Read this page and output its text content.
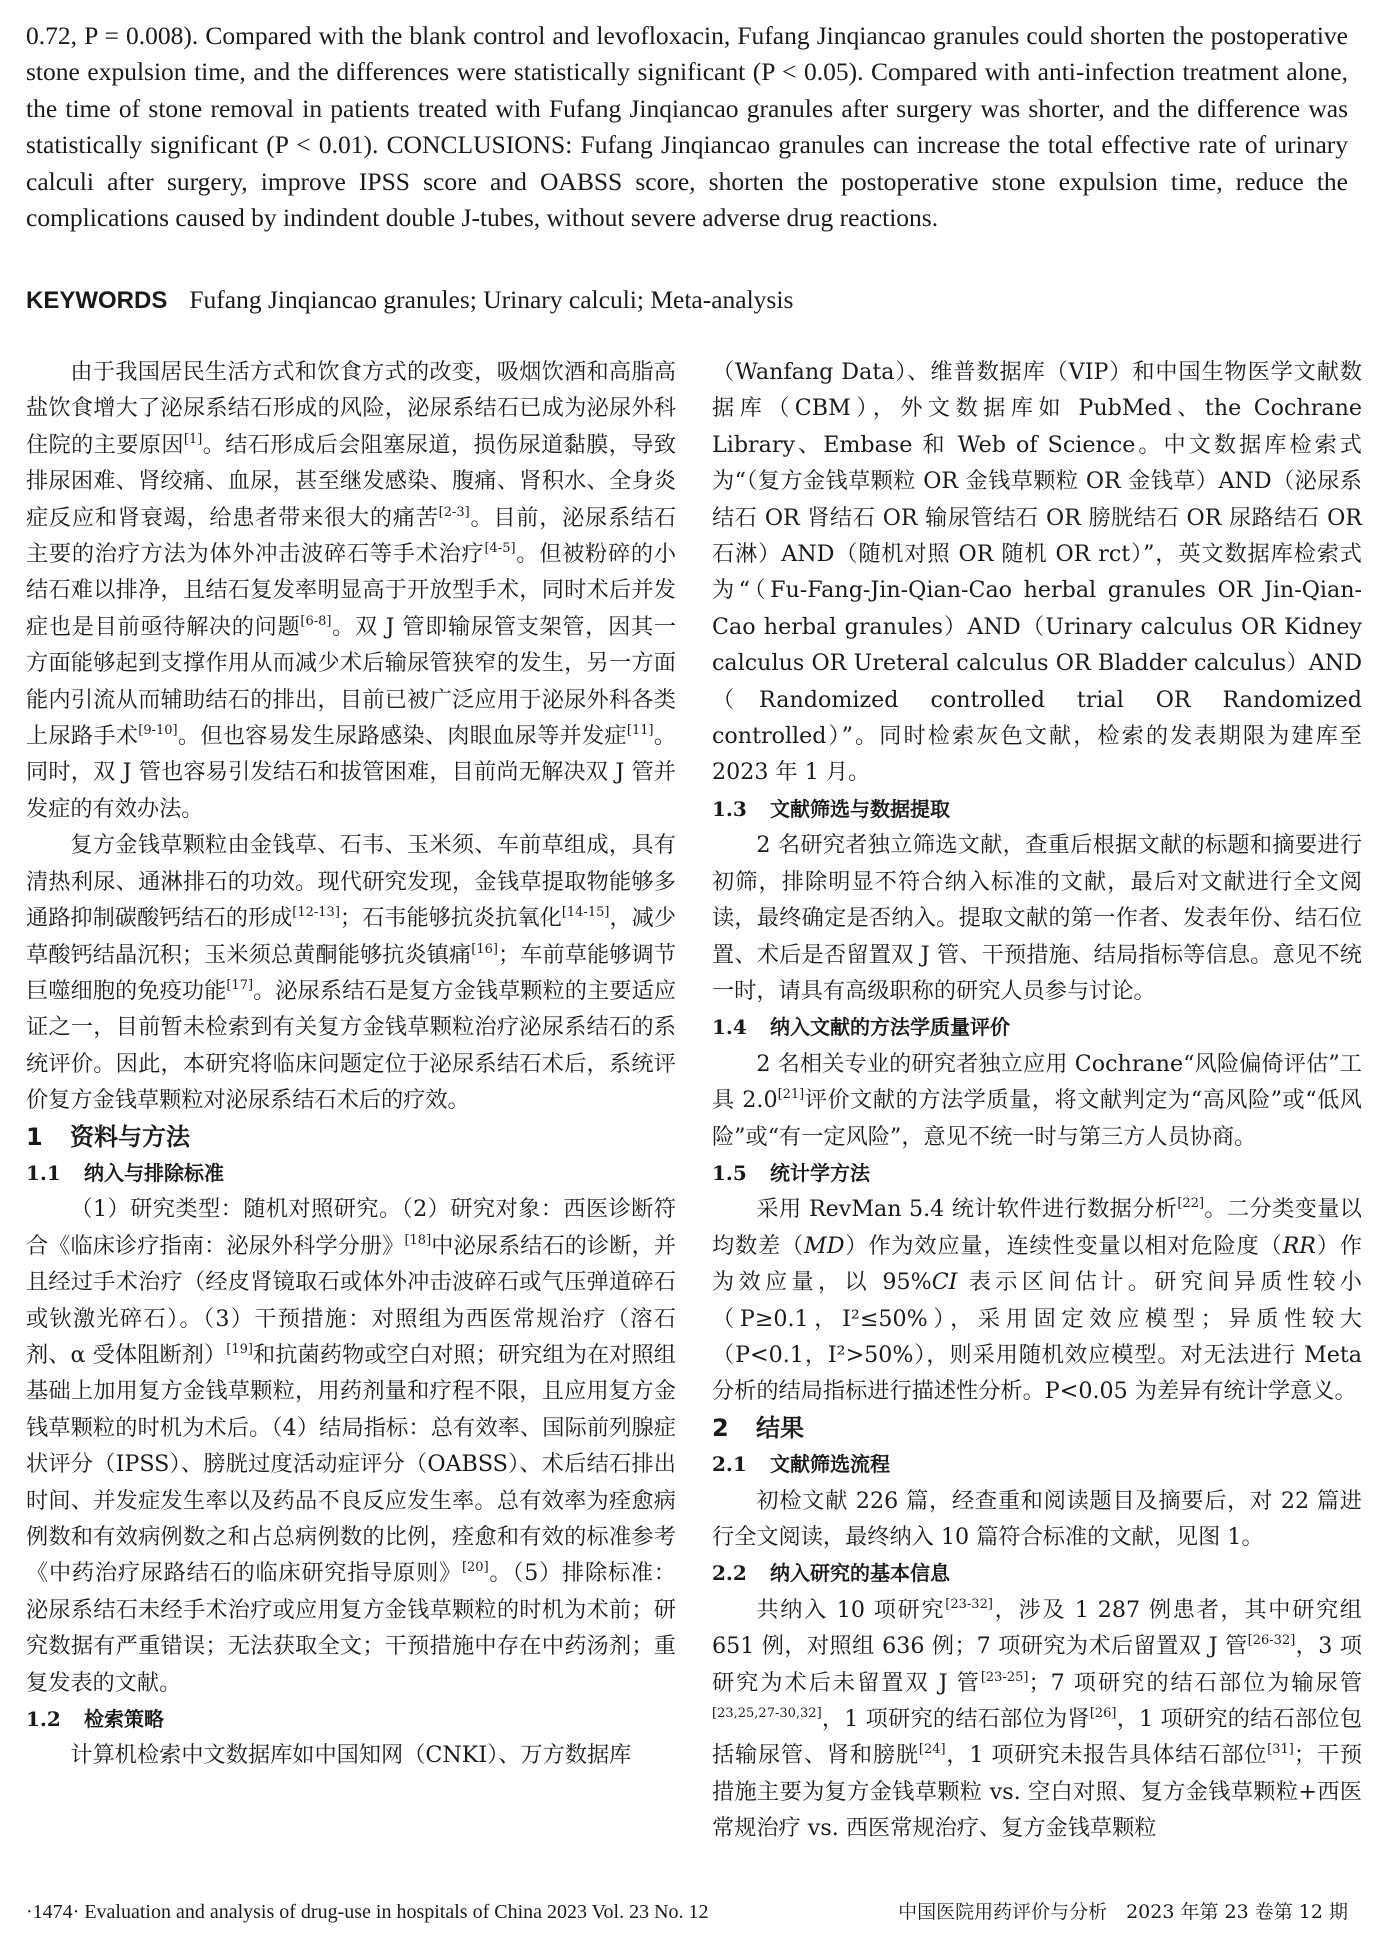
0.72, P = 0.008). Compared with the blank control and levofloxacin, Fufang Jinqiancao granules could shorten the postoperative stone expulsion time, and the differences were statistically significant (P < 0.05). Compared with anti-infection treatment alone, the time of stone removal in patients treated with Fufang Jinqiancao granules after surgery was shorter, and the difference was statistically significant (P < 0.01). CONCLUSIONS: Fufang Jinqiancao granules can increase the total effective rate of urinary calculi after surgery, improve IPSS score and OABSS score, shorten the postoperative stone expulsion time, reduce the complications caused by indindent double J-tubes, without severe adverse drug reactions.

KEYWORDS Fufang Jinqiancao granules; Urinary calculi; Meta-analysis

由于我国居民生活方式和饮食方式的改变，吸烟饮酒和高脂高盐饮食增大了泌尿系结石形成的风险，泌尿系结石已成为泌尿外科住院的主要原因[1]。结石形成后会阻塞尿道，损伤尿道黏膜，导致排尿困难、肾绞痛、血尿，甚至继发感染、腹痛、肾积水、全身炎症反应和肾衰竭，给患者带来很大的痛苦[2-3]。目前，泌尿系结石主要的治疗方法为体外冲击波碎石等手术治疗[4-5]。但被粉碎的小结石难以排净，且结石复发率明显高于开放型手术，同时术后并发症也是目前亟待解决的问题[6-8]。双 J 管即输尿管支架管，因其一方面能够起到支撑作用从而减少术后输尿管狭窄的发生，另一方面能内引流从而辅助结石的排出，目前已被广泛应用于泌尿外科各类上尿路手术[9-10]。但也容易发生尿路感染、肉眼血尿等并发症[11]。同时，双 J 管也容易引发结石和拔管困难，目前尚无解决双 J 管并发症的有效办法。

复方金钱草颗粒由金钱草、石韦、玉米须、车前草组成，具有清热利尿、通淋排石的功效。现代研究发现，金钱草提取物能够多通路抑制碳酸钙结石的形成[12-13]；石韦能够抗炎抗氧化[14-15]，减少草酸钙结晶沉积；玉米须总黄酮能够抗炎镇痛[16]；车前草能够调节巨噬细胞的免疫功能[17]。泌尿系结石是复方金钱草颗粒的主要适应证之一，目前暂未检索到有关复方金钱草颗粒治疗泌尿系结石的系统评价。因此，本研究将临床问题定位于泌尿系结石术后，系统评价复方金钱草颗粒对泌尿系结石术后的疗效。

1 资料与方法
1.1 纳入与排除标准

（1）研究类型：随机对照研究。（2）研究对象：西医诊断符合《临床诊疗指南：泌尿外科学分册》[18]中泌尿系结石的诊断，并且经过手术治疗（经皮肾镜取石或体外冲击波碎石或气压弹道碎石或钬激光碎石）。（3）干预措施：对照组为西医常规治疗（溶石剂、α 受体阻断剂）[19]和抗菌药物或空白对照；研究组为在对照组基础上加用复方金钱草颗粒，用药剂量和疗程不限，且应用复方金钱草颗粒的时机为术后。（4）结局指标：总有效率、国际前列腺症状评分（IPSS）、膀胱过度活动症评分（OABSS）、术后结石排出时间、并发症发生率以及药品不良反应发生率。总有效率为痊愈病例数和有效病例数之和占总病例数的比例，痊愈和有效的标准参考《中药治疗尿路结石的临床研究指导原则》[20]。（5）排除标准：泌尿系结石未经手术治疗或应用复方金钱草颗粒的时机为术前；研究数据有严重错误；无法获取全文；干预措施中存在中药汤剂；重复发表的文献。

1.2 检索策略

计算机检索中文数据库如中国知网（CNKI）、万方数据库

（Wanfang Data）、维普数据库（VIP）和中国生物医学文献数据库（CBM），外文数据库如 PubMed、the Cochrane Library、Embase 和 Web of Science。中文数据库检索式为“（复方金钱草颗粒 OR 金钱草颗粒 OR 金钱草）AND（泌尿系结石 OR 肾结石 OR 输尿管结石 OR 膀胱结石 OR 尿路结石 OR 石淋）AND（随机对照 OR 随机 OR rct）”，英文数据库检索式为“（Fu-Fang-Jin-Qian-Cao herbal granules OR Jin-Qian-Cao herbal granules）AND（Urinary calculus OR Kidney calculus OR Ureteral calculus OR Bladder calculus）AND（Randomized controlled trial OR Randomized controlled）”。同时检索灰色文献，检索的发表期限为建库至 2023 年 1 月。

1.3 文献筛选与数据提取

2 名研究者独立筛选文献，查重后根据文献的标题和摘要进行初筛，排除明显不符合纳入标准的文献，最后对文献进行全文阅读，最终确定是否纳入。提取文献的第一作者、发表年份、结石位置、术后是否留置双 J 管、干预措施、结局指标等信息。意见不统一时，请具有高级职称的研究人员参与讨论。

1.4 纳入文献的方法学质量评价

2 名相关专业的研究者独立应用 Cochrane“风险偏倚评估”工具 2.0[21]评价文献的方法学质量，将文献判定为“高风险”或“低风险”或“有一定风险”，意见不统一时与第三方人员协商。

1.5 统计学方法

采用 RevMan 5.4 统计软件进行数据分析[22]。二分类变量以均数差（MD）作为效应量，连续性变量以相对危险度（RR）作为效应量，以 95%CI 表示区间估计。研究间异质性较小（P≥0.1，I²≤50%），采用固定效应模型；异质性较大（P<0.1，I²>50%），则采用随机效应模型。对无法进行 Meta 分析的结局指标进行描述性分析。P<0.05 为差异有统计学意义。

2 结果
2.1 文献筛选流程

初检文献 226 篇，经查重和阅读题目及摘要后，对 22 篇进行全文阅读，最终纳入 10 篇符合标准的文献，见图 1。

2.2 纳入研究的基本信息

共纳入 10 项研究[23-32]，涉及 1 287 例患者，其中研究组 651 例，对照组 636 例；7 项研究为术后留置双 J 管[26-32]，3 项研究为术后未留置双 J 管[23-25]；7 项研究的结石部位为输尿管[23,25,27-30,32]，1 项研究的结石部位为肾[26]，1 项研究的结石部位包括输尿管、肾和膀胱[24]，1 项研究未报告具体结石部位[31]；干预措施主要为复方金钱草颗粒 vs. 空白对照、复方金钱草颗粒+西医常规治疗 vs. 西医常规治疗、复方金钱草颗粒

·1474· Evaluation and analysis of drug-use in hospitals of China 2023 Vol. 23 No. 12	中国医院用药评价与分析　2023 年第 23 卷第 12 期
